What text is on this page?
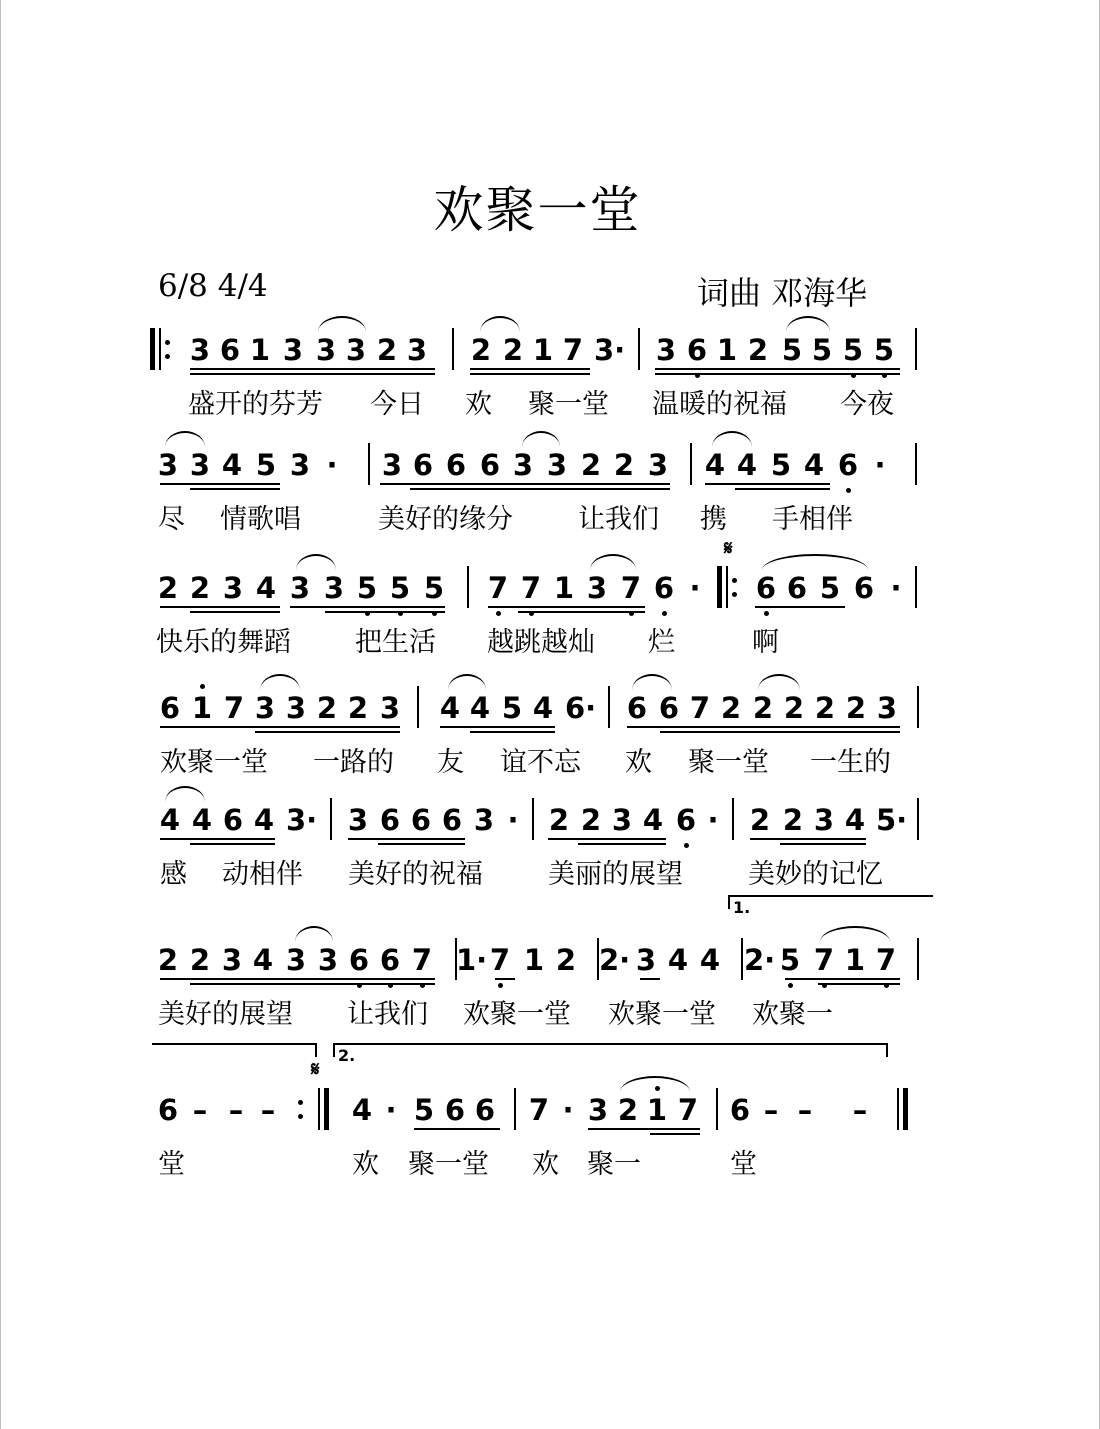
欢聚一堂
6/8 4/4	词曲 邓海华
3 6 1 3 3 3 2 3 2 2 1 7 3· 3 6 1 2 5 5 5 5
盛开的芬芳 今日 欢 聚一堂 温暖的祝福 今夜
3 3 4 5 3 · 3 6 6 6 3 3 2 2 3 4 4 5 4 6 ·
尽 情歌唱	美好的缘分 让我们 携 手相伴
2 2 3 4 3 3 5 5 5 7 7 1 3 7 6 · 6 6 5 6 ·
快乐的舞蹈 把生活 越跳越灿 烂	啊
6 1 7 3 3 2 2 3 4 4 5 4 6· 6 6 7 2 2 2 2 2 3
欢聚一堂 一路的 友 谊不忘 欢 聚一堂 一生的
4 4 6 4 3· 3 6 6 6 3 · 2 2 3 4 6 · 2 2 3 4 5·
感 动相伴 美好的祝福 美丽的展望 美妙的记忆
2 2 3 4 3 3 6 6 7 1· 7 1 2 2· 3 4 4 2· 5 7 1 7
美好的展望 让我们 欢聚一堂 欢聚一堂 欢聚一
6 – – –	4 · 5 6 6 7 · 3 2 1 7 6 – – –
堂	欢 聚一堂 欢 聚一	堂
𝄋
𝄋
1.
2.
